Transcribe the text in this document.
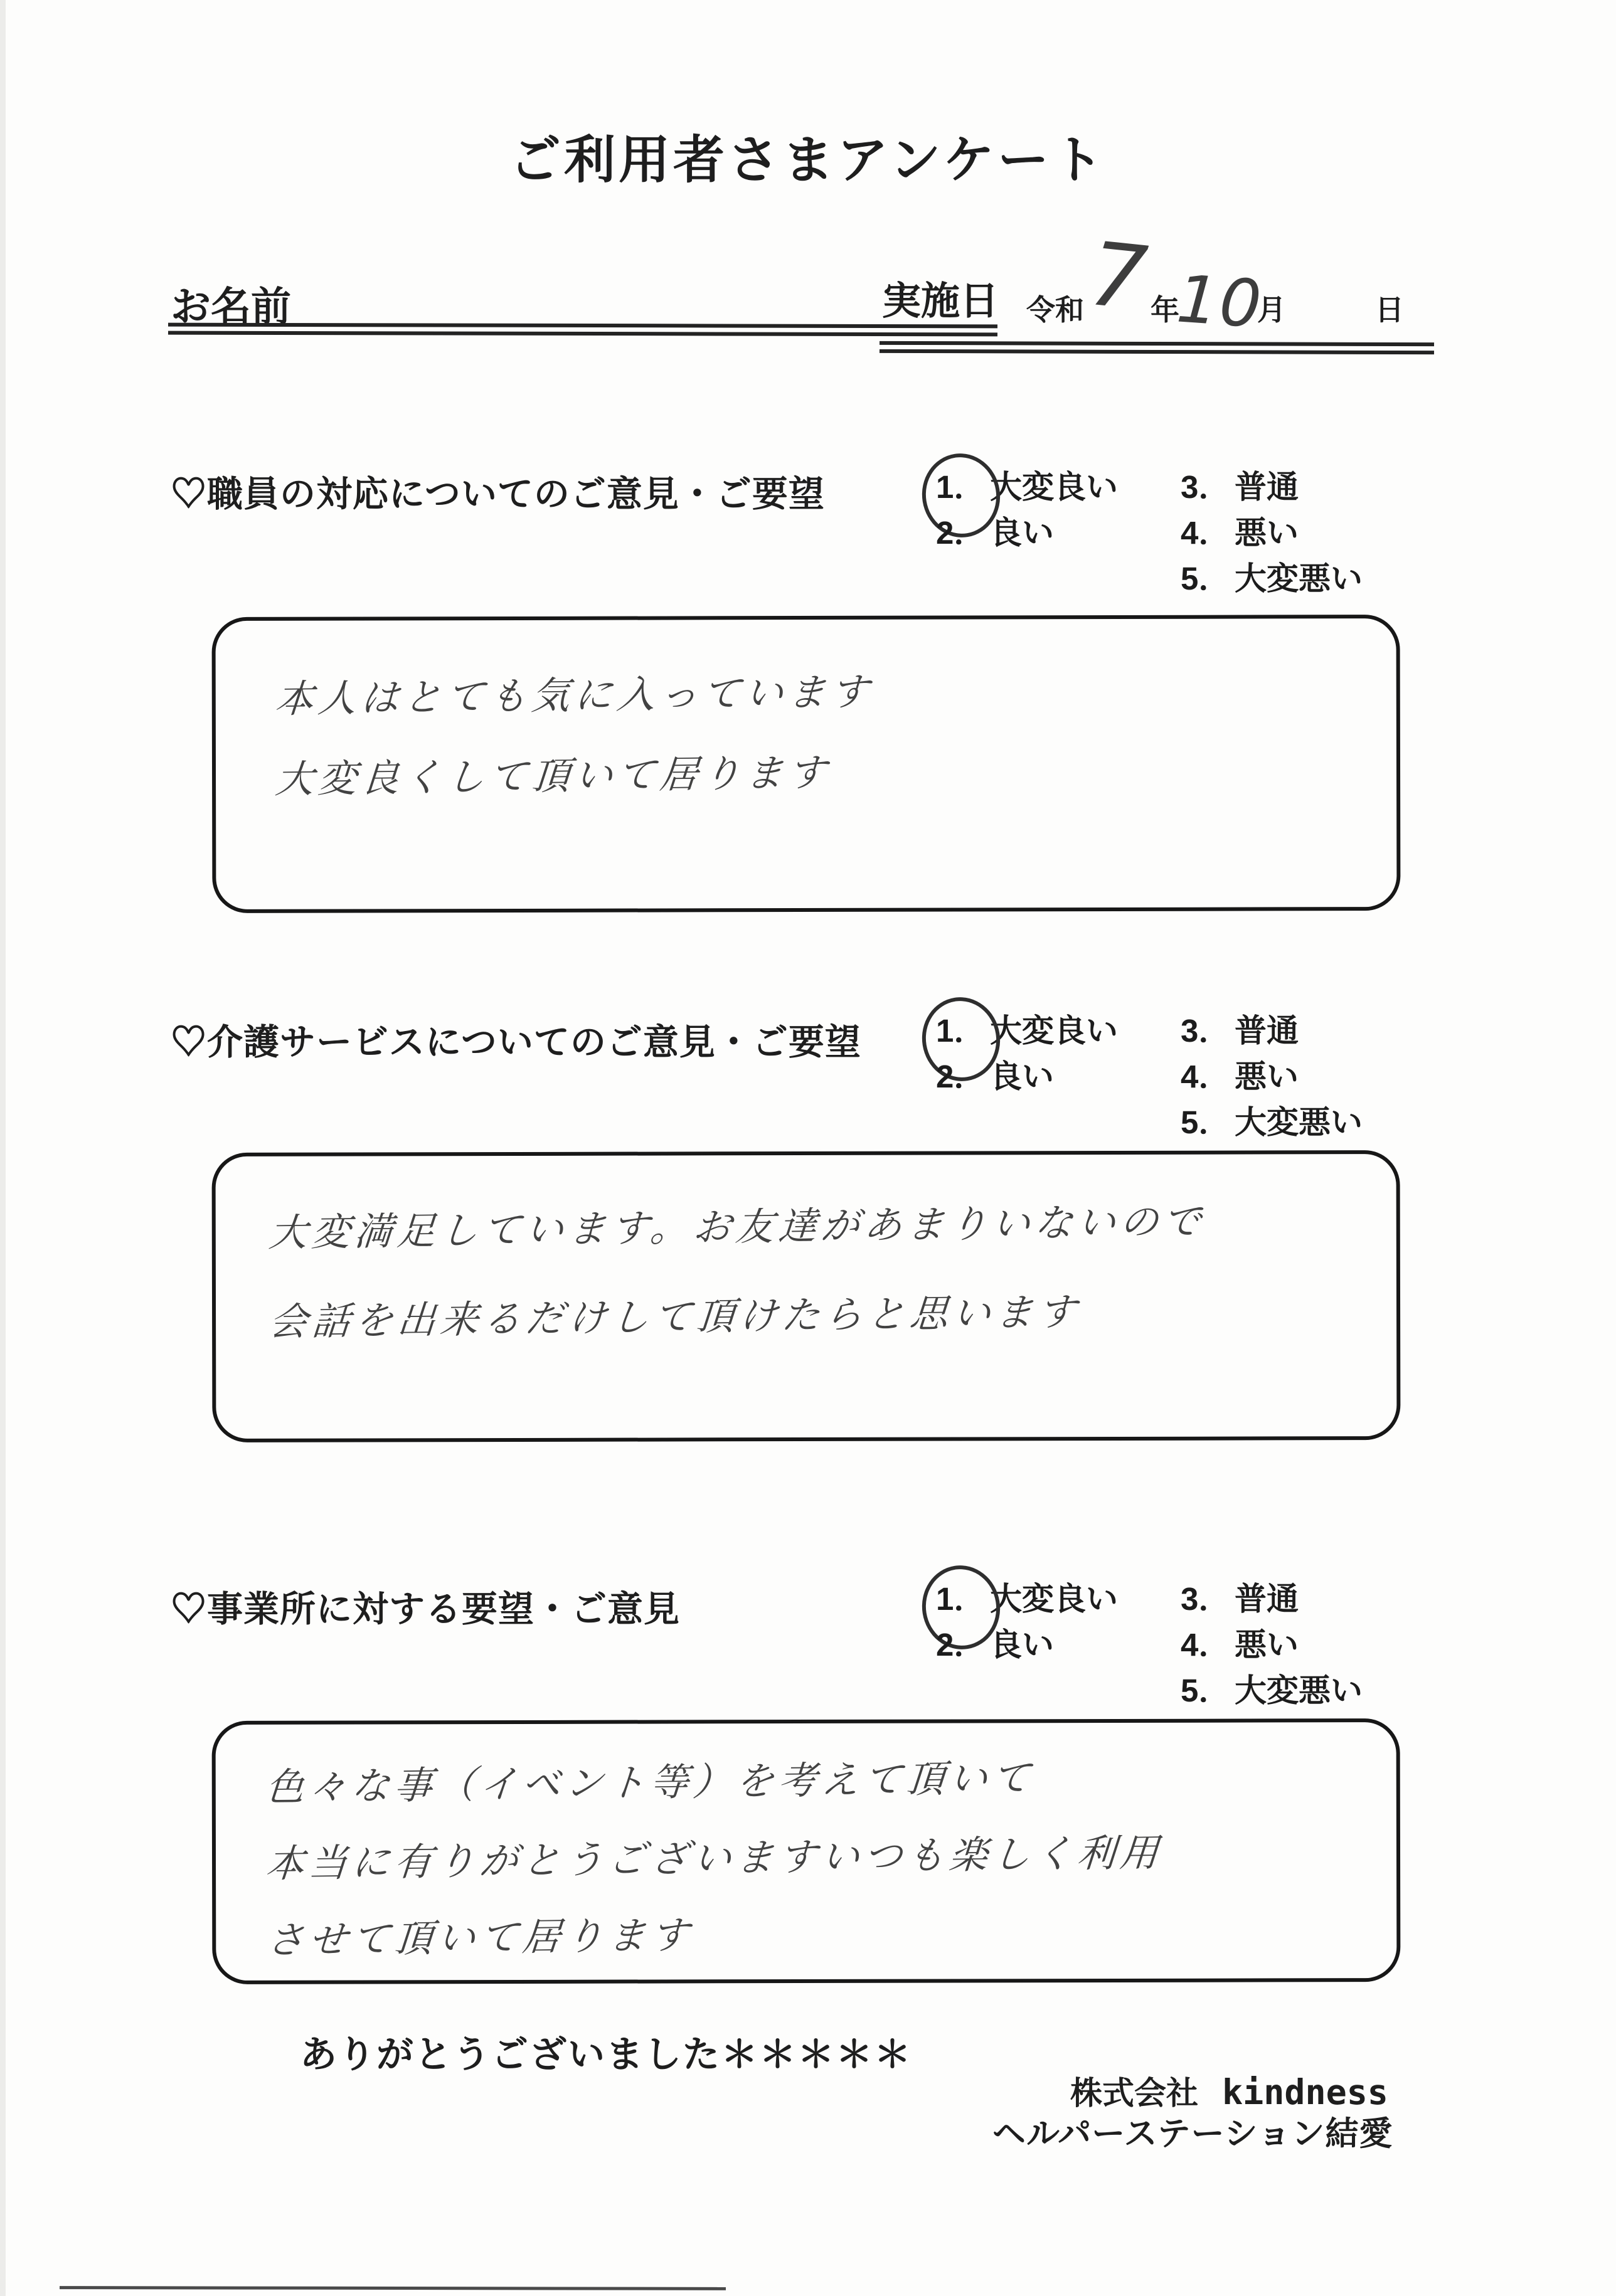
ご利用者さまアンケート
お名前	実施日 令和 7
年
10
月	日
♡職員の対応についてのご意見・ご要望	1． 大変良い
2． 良い
3． 普通
4． 悪い
5． 大変悪い
本人はとても気に入っています
大変良くして頂いて居ります
♡介護サービスについてのご意見・ご要望 1． 大変良い
2． 良い
3． 普通
4． 悪い
5． 大変悪い
大変満足しています。お友達があまりいないので
会話を出来るだけして頂けたらと思います
♡事業所に対する要望・ご意見	1． 大変良い
2． 良い
3． 普通
4． 悪い
5． 大変悪い
色々な事（イベント等）を考えて頂いて
本当に有りがとうございますいつも楽しく利用
させて頂いて居ります
ありがとうございました＊＊＊＊＊
株式会社 kindness
ヘルパーステーション結愛
